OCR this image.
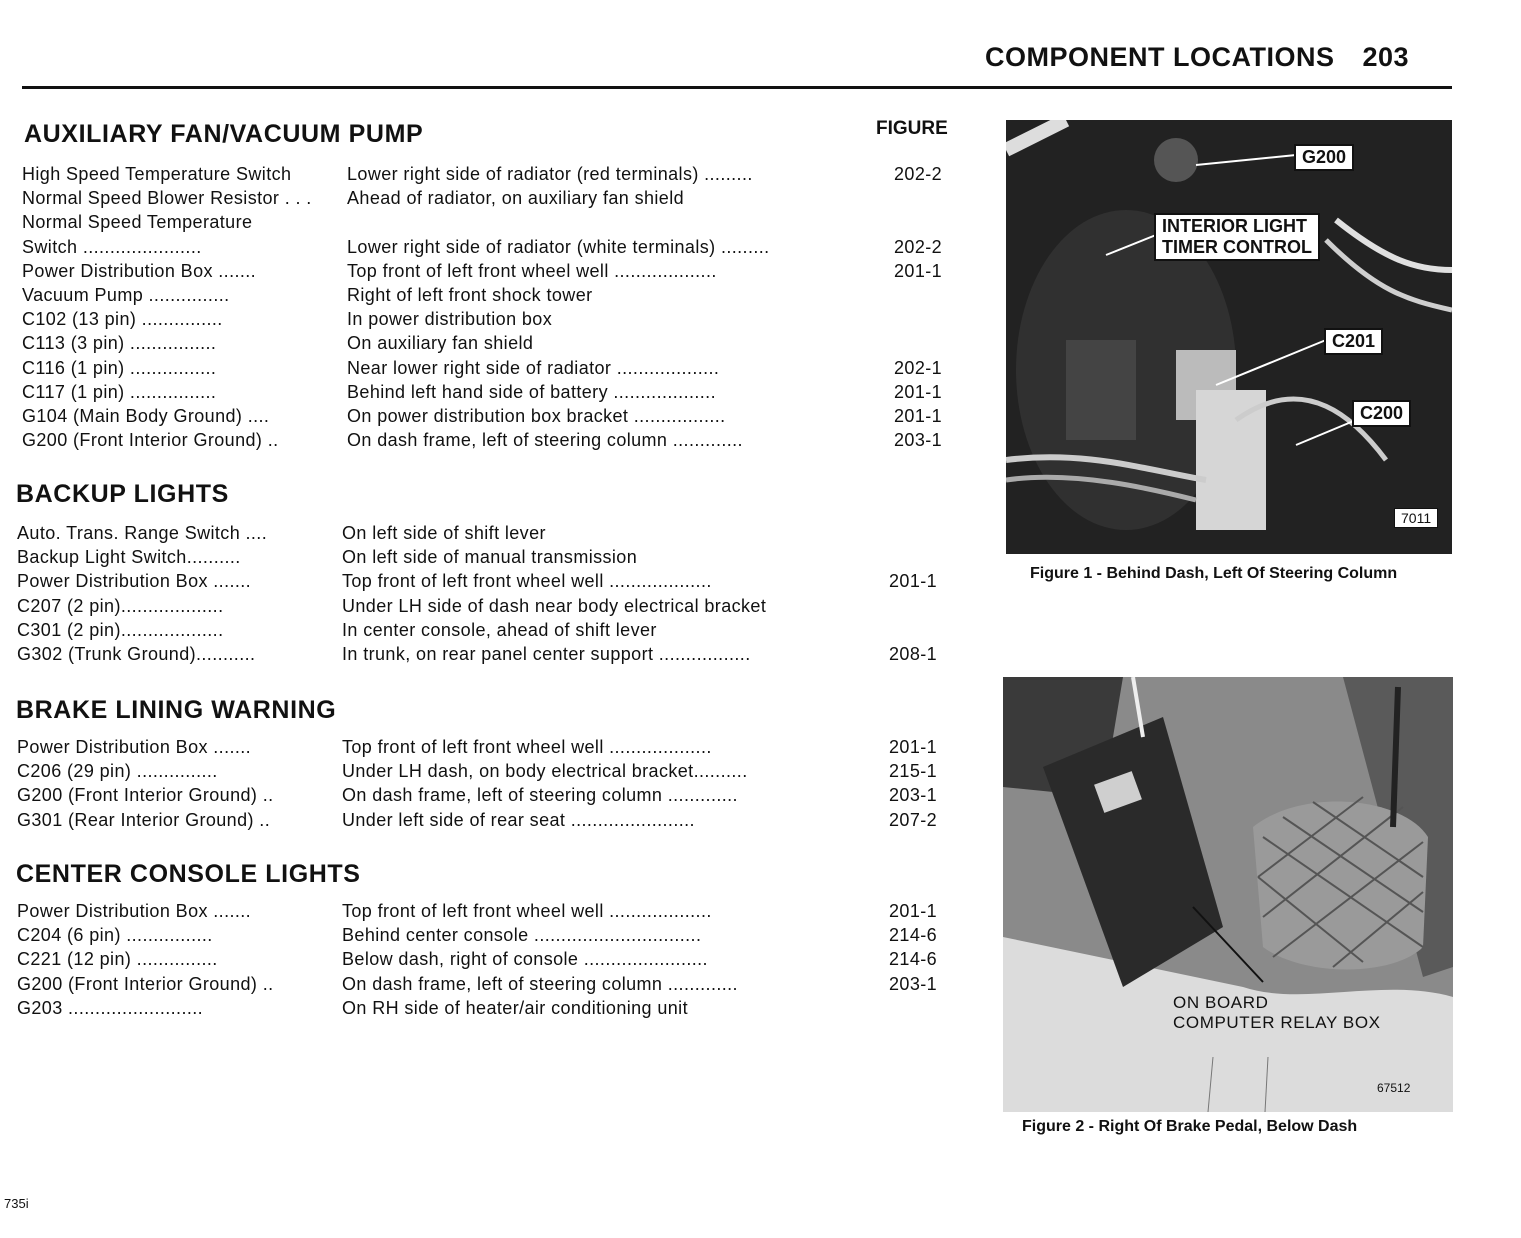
COMPONENT LOCATIONS 203
FIGURE
AUXILIARY FAN/VACUUM PUMP
High Speed Temperature Switch	Lower right side of radiator (red terminals) .........	202-2
Normal Speed Blower Resistor . . .	Ahead of radiator, on auxiliary fan shield
Normal Speed Temperature
Switch ......................	Lower right side of radiator (white terminals) .........	202-2
Power Distribution Box .......	Top front of left front wheel well ...................	201-1
Vacuum Pump ...............	Right of left front shock tower
C102 (13 pin) ...............	In power distribution box
C113 (3 pin) ................	On auxiliary fan shield
C116 (1 pin) ................	Near lower right side of radiator ...................	202-1
C117 (1 pin) ................	Behind left hand side of battery ...................	201-1
G104 (Main Body Ground) ....	On power distribution box bracket .................	201-1
G200 (Front Interior Ground) ..	On dash frame, left of steering column .............	203-1
BACKUP LIGHTS
Auto. Trans. Range Switch ....	On left side of shift lever
Backup Light Switch..........	On left side of manual transmission
Power Distribution Box .......	Top front of left front wheel well ...................	201-1
C207 (2 pin)...................	Under LH side of dash near body electrical bracket
C301 (2 pin)...................	In center console, ahead of shift lever
G302 (Trunk Ground)...........	In trunk, on rear panel center support .................	208-1
BRAKE LINING WARNING
Power Distribution Box .......	Top front of left front wheel well ...................	201-1
C206 (29 pin) ...............	Under LH dash, on body electrical bracket..........	215-1
G200 (Front Interior Ground) ..	On dash frame, left of steering column .............	203-1
G301 (Rear Interior Ground) ..	Under left side of rear seat .......................	207-2
CENTER CONSOLE LIGHTS
Power Distribution Box .......	Top front of left front wheel well ...................	201-1
C204 (6 pin) ................	Behind center console ...............................	214-6
C221 (12 pin) ...............	Below dash, right of console .......................	214-6
G200 (Front Interior Ground) ..	On dash frame, left of steering column .............	203-1
G203 .........................	On RH side of heater/air conditioning unit
G200
INTERIOR LIGHT
TIMER CONTROL
C201
C200
7011
Figure 1 - Behind Dash, Left Of Steering Column
ON BOARD
COMPUTER RELAY BOX
67512
Figure 2 - Right Of Brake Pedal, Below Dash
735i
